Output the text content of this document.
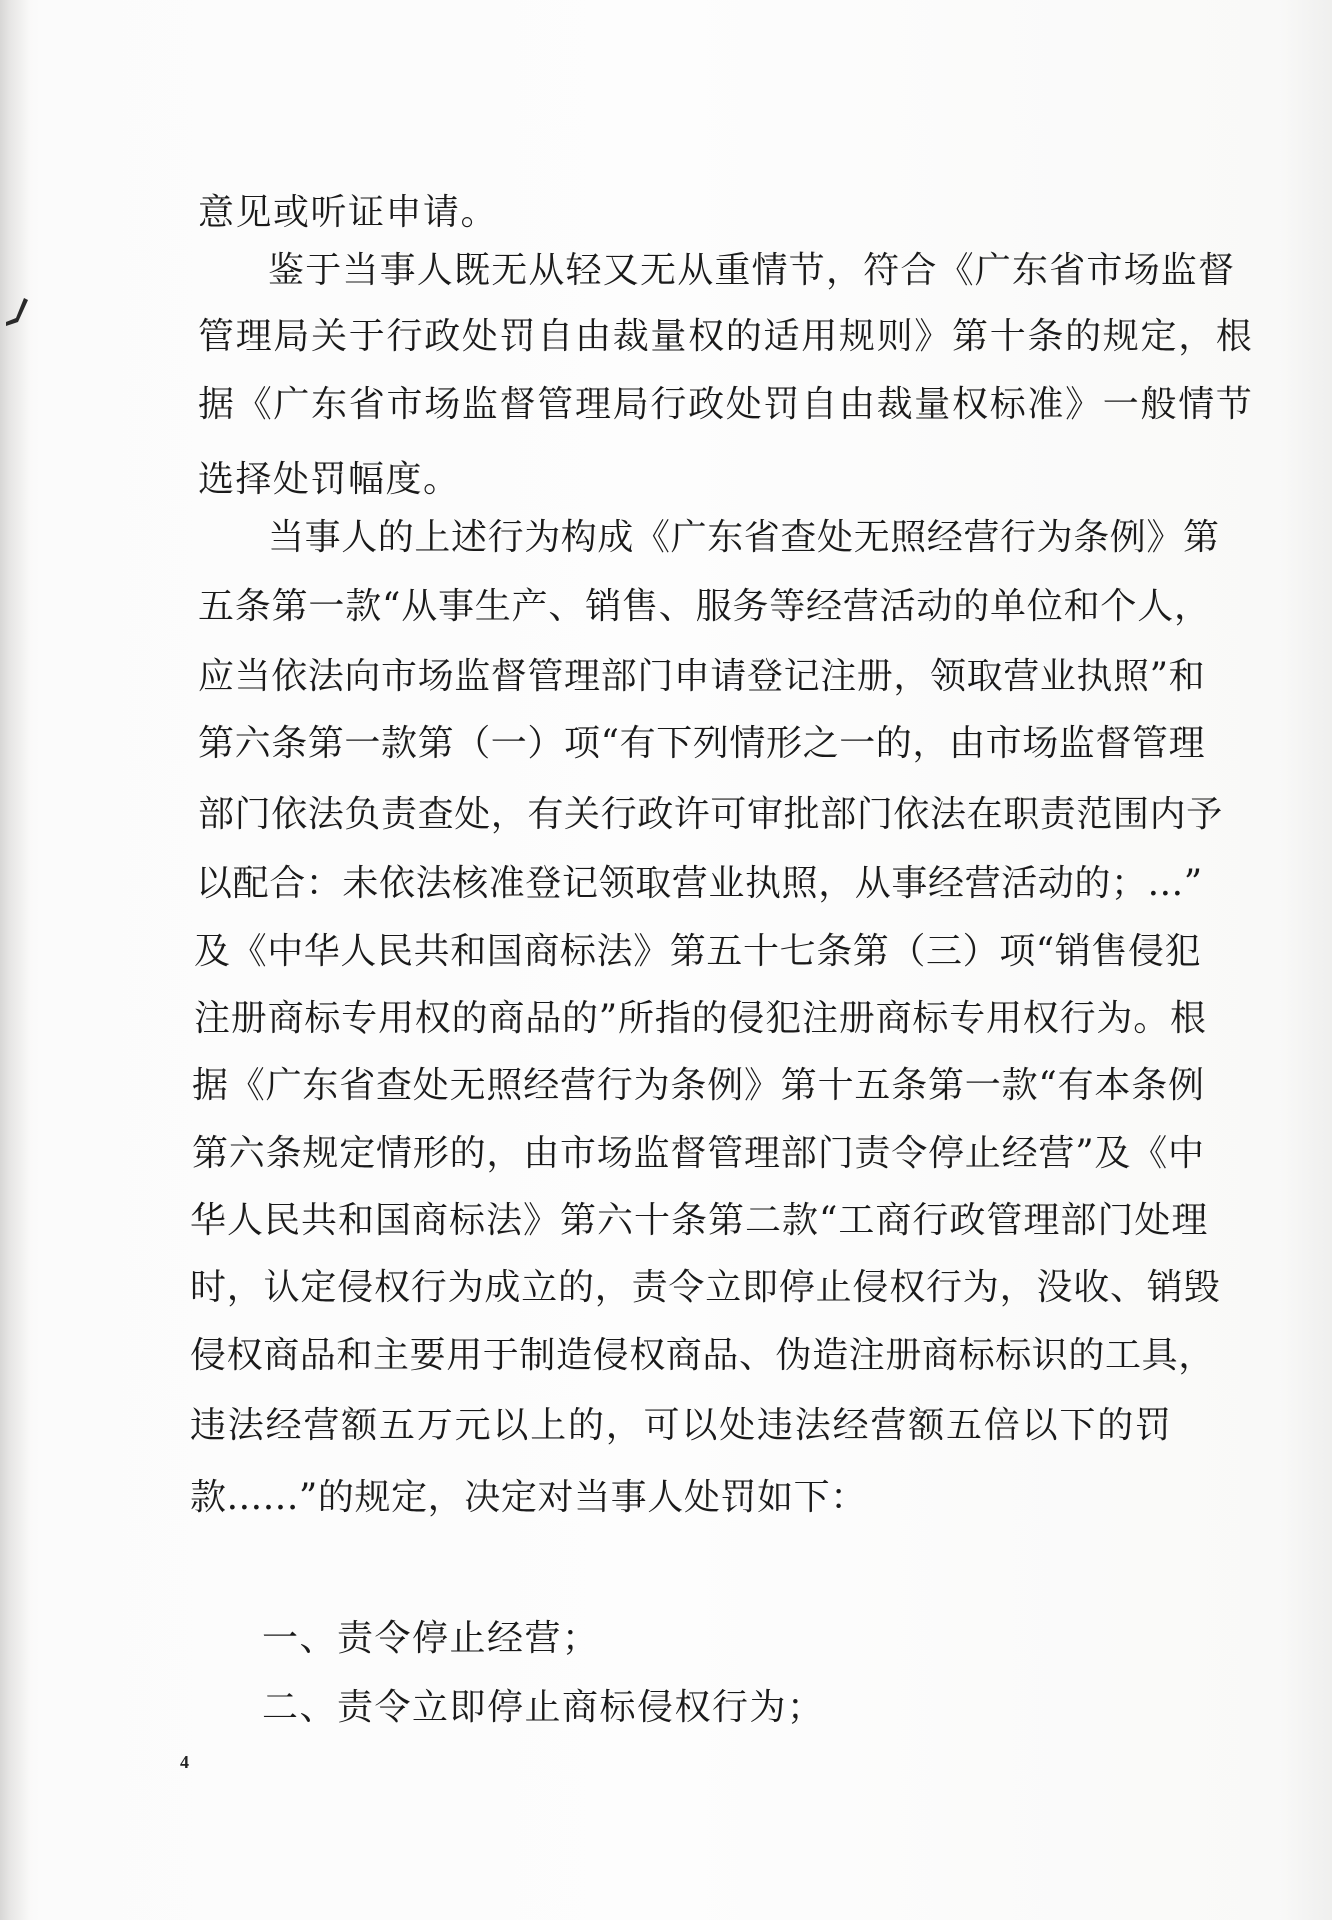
意见或听证申请。
鉴于当事人既无从轻又无从重情节，符合《广东省市场监督
管理局关于行政处罚自由裁量权的适用规则》第十条的规定，根
据《广东省市场监督管理局行政处罚自由裁量权标准》一般情节
选择处罚幅度。
当事人的上述行为构成《广东省查处无照经营行为条例》第
五条第一款“从事生产、销售、服务等经营活动的单位和个人，
应当依法向市场监督管理部门申请登记注册，领取营业执照”和
第六条第一款第（一）项“有下列情形之一的，由市场监督管理
部门依法负责查处，有关行政许可审批部门依法在职责范围内予
以配合：未依法核准登记领取营业执照，从事经营活动的；...”
及《中华人民共和国商标法》第五十七条第（三）项“销售侵犯
注册商标专用权的商品的”所指的侵犯注册商标专用权行为。根
据《广东省查处无照经营行为条例》第十五条第一款“有本条例
第六条规定情形的，由市场监督管理部门责令停止经营”及《中
华人民共和国商标法》第六十条第二款“工商行政管理部门处理
时，认定侵权行为成立的，责令立即停止侵权行为，没收、销毁
侵权商品和主要用于制造侵权商品、伪造注册商标标识的工具，
违法经营额五万元以上的，可以处违法经营额五倍以下的罚
款......”的规定，决定对当事人处罚如下：
一、责令停止经营；
二、责令立即停止商标侵权行为；
4
